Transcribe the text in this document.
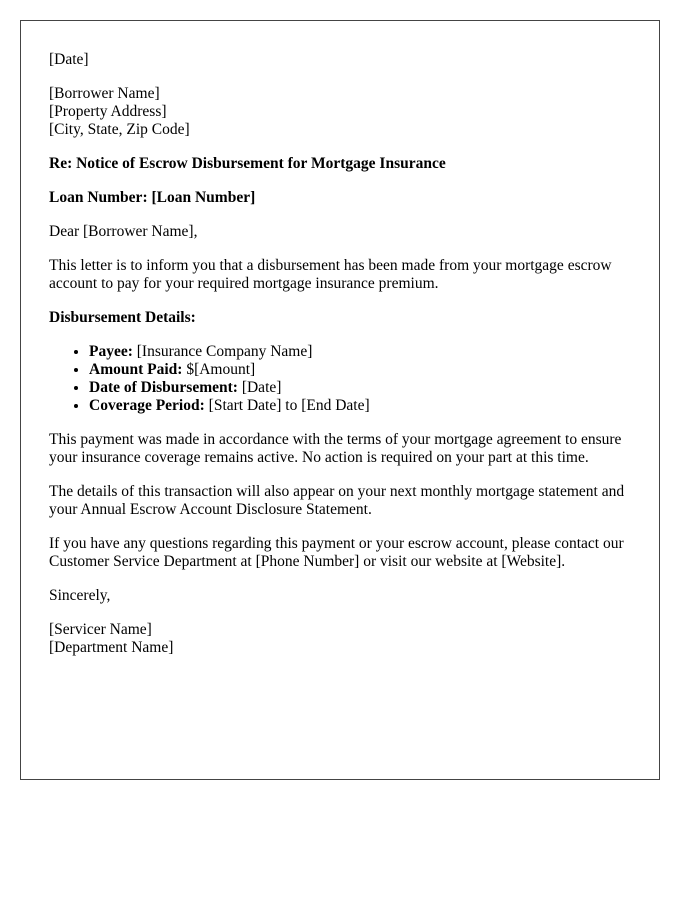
[Date]
[Borrower Name]
[Property Address]
[City, State, Zip Code]
Re: Notice of Escrow Disbursement for Mortgage Insurance
Loan Number: [Loan Number]
Dear [Borrower Name],
This letter is to inform you that a disbursement has been made from your mortgage escrow account to pay for your required mortgage insurance premium.
Disbursement Details:
• Payee: [Insurance Company Name]
• Amount Paid: $[Amount]
• Date of Disbursement: [Date]
• Coverage Period: [Start Date] to [End Date]
This payment was made in accordance with the terms of your mortgage agreement to ensure your insurance coverage remains active. No action is required on your part at this time.
The details of this transaction will also appear on your next monthly mortgage statement and your Annual Escrow Account Disclosure Statement.
If you have any questions regarding this payment or your escrow account, please contact our Customer Service Department at [Phone Number] or visit our website at [Website].
Sincerely,
[Servicer Name]
[Department Name]
